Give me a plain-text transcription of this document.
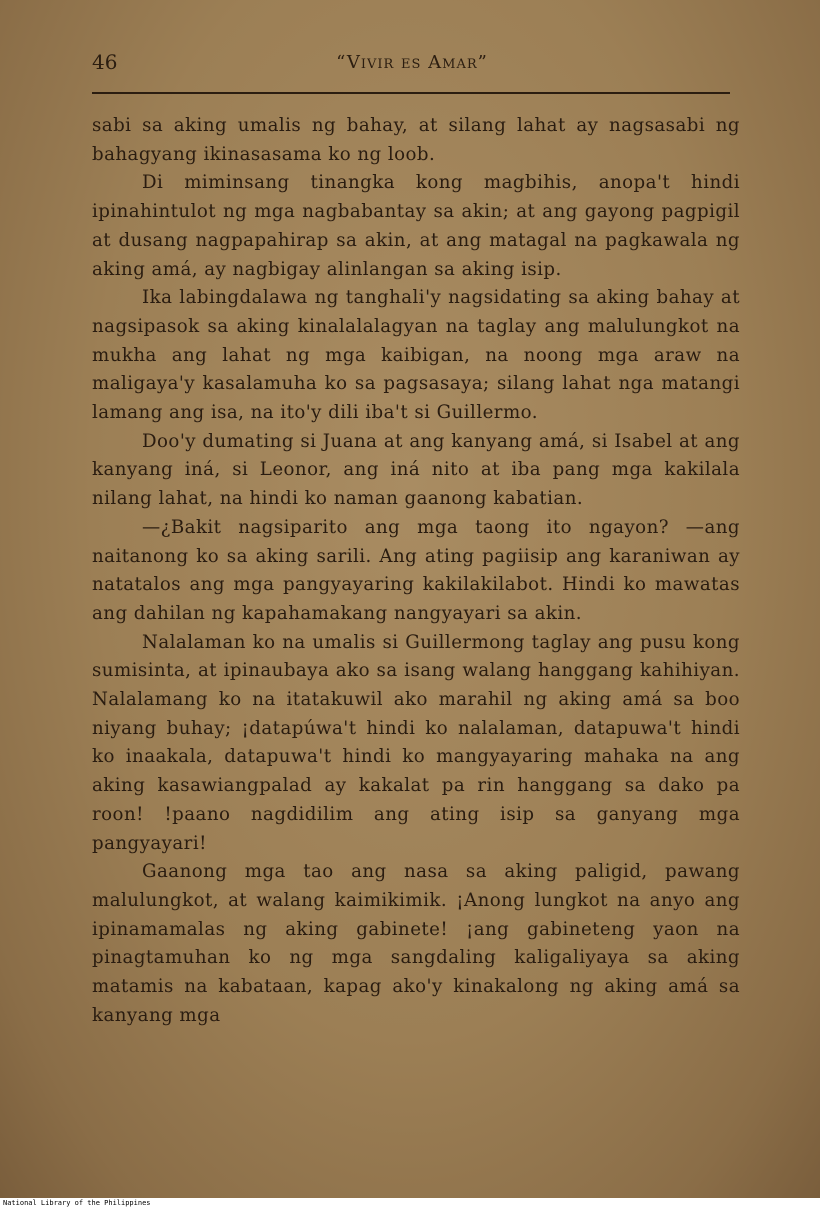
46	“Vivir es Amar”

sabi sa aking umalis ng bahay, at silang lahat ay nagsasabi ng bahagyang ikinasasama ko ng loob.

Di miminsang tinangka kong magbihis, anopa't hindi ipinahintulot ng mga nagbabantay sa akin; at ang gayong pagpigil at dusang nagpapahirap sa akin, at ang matagal na pagkawala ng aking amá, ay nagbigay alinlangan sa aking isip.

Ika labingdalawa ng tanghali'y nagsidating sa aking bahay at nagsipasok sa aking kinalalalagyan na taglay ang malulungkot na mukha ang lahat ng mga kaibigan, na noong mga araw na maligaya'y kasalamuha ko sa pagsasaya; silang lahat nga matangi lamang ang isa, na ito'y dili iba't si Guillermo.

Doo'y dumating si Juana at ang kanyang amá, si Isabel at ang kanyang iná, si Leonor, ang iná nito at iba pang mga kakilala nilang lahat, na hindi ko naman gaanong kabatian.

—¿Bakit nagsiparito ang mga taong ito ngayon? —ang naitanong ko sa aking sarili. Ang ating pagiisip ang karaniwan ay natatalos ang mga pangyayaring kakilakilabot. Hindi ko mawatas ang dahilan ng kapahamakang nangyayari sa akin.

Nalalaman ko na umalis si Guillermong taglay ang pusu kong sumisinta, at ipinaubaya ako sa isang walang hanggang kahihiyan. Nalalamang ko na itatakuwil ako marahil ng aking amá sa boo niyang buhay; ¡datapúwa't hindi ko nalalaman, datapuwa't hindi ko inaakala, datapuwa't hindi ko mangyayaring mahaka na ang aking kasawiangpalad ay kakalat pa rin hanggang sa dako pa roon! !paano nagdidilim ang ating isip sa ganyang mga pangyayari!

Gaanong mga tao ang nasa sa aking paligid, pawang malulungkot, at walang kaimikimik. ¡Anong lungkot na anyo ang ipinamamalas ng aking gabinete! ¡ang gabineteng yaon na pinagtamuhan ko ng mga sangdaling kaligaliyaya sa aking matamis na kabataan, kapag ako'y kinakalong ng aking amá sa kanyang mga

National Library of the Philippines
